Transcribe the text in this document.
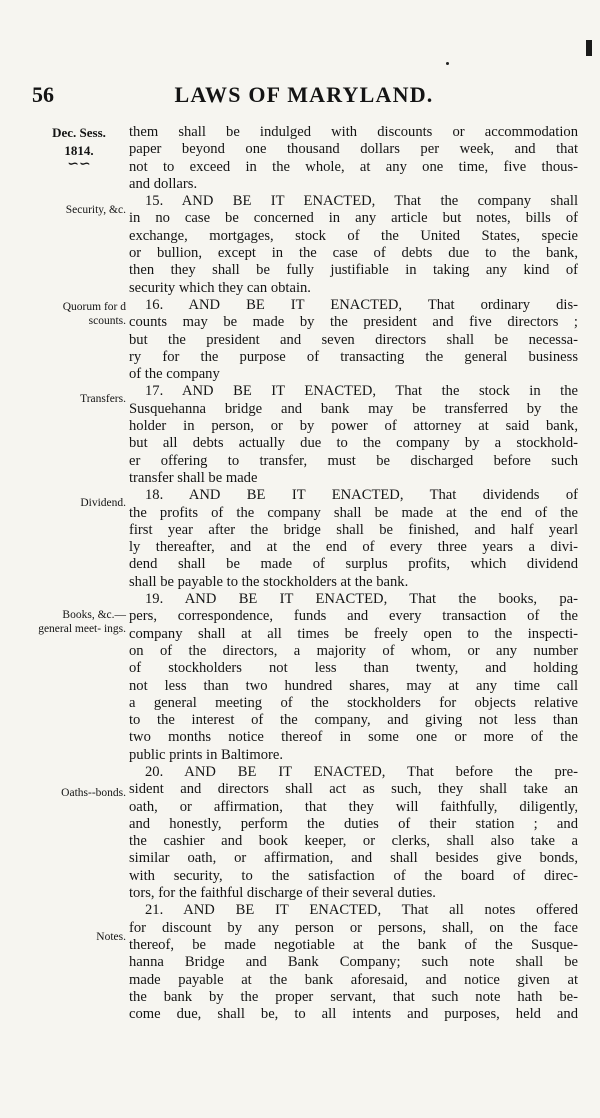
56	LAWS OF MARYLAND.
Dec. Sess.
1814.
∽∽
Security, &c.
Quorum for d scounts.
Transfers.
Dividend.
Books, &c.— general meet- ings.
Oaths--bonds.
Notes.
them shall be indulged with discounts or accommodation
paper beyond one thousand dollars per week, and that
not to exceed in the whole, at any one time, five thous-
and dollars.
15. AND BE IT ENACTED, That the company shall
in no case be concerned in any article but notes, bills of
exchange, mortgages, stock of the United States, specie
or bullion, except in the case of debts due to the bank,
then they shall be fully justifiable in taking any kind of
security which they can obtain.
16. AND BE IT ENACTED, That ordinary dis-
counts may be made by the president and five directors ;
but the president and seven directors shall be necessa-
ry for the purpose of transacting the general business
of the company
17. AND BE IT ENACTED, That the stock in the
Susquehanna bridge and bank may be transferred by the
holder in person, or by power of attorney at said bank,
but all debts actually due to the company by a stockhold-
er offering to transfer, must be discharged before such
transfer shall be made
18. AND BE IT ENACTED, That dividends of
the profits of the company shall be made at the end of the
first year after the bridge shall be finished, and half yearl
ly thereafter, and at the end of every three years a divi-
dend shall be made of surplus profits, which dividend
shall be payable to the stockholders at the bank.
19. AND BE IT ENACTED, That the books, pa-
pers, correspondence, funds and every transaction of the
company shall at all times be freely open to the inspecti-
on of the directors, a majority of whom, or any number
of stockholders not less than twenty, and holding
not less than two hundred shares, may at any time call
a general meeting of the stockholders for objects relative
to the interest of the company, and giving not less than
two months notice thereof in some one or more of the
public prints in Baltimore.
20. AND BE IT ENACTED, That before the pre-
sident and directors shall act as such, they shall take an
oath, or affirmation, that they will faithfully, diligently,
and honestly, perform the duties of their station ; and
the cashier and book keeper, or clerks, shall also take a
similar oath, or affirmation, and shall besides give bonds,
with security, to the satisfaction of the board of direc-
tors, for the faithful discharge of their several duties.
21. AND BE IT ENACTED, That all notes offered
for discount by any person or persons, shall, on the face
thereof, be made negotiable at the bank of the Susque-
hanna Bridge and Bank Company; such note shall be
made payable at the bank aforesaid, and notice given at
the bank by the proper servant, that such note hath be-
come due, shall be, to all intents and purposes, held and
